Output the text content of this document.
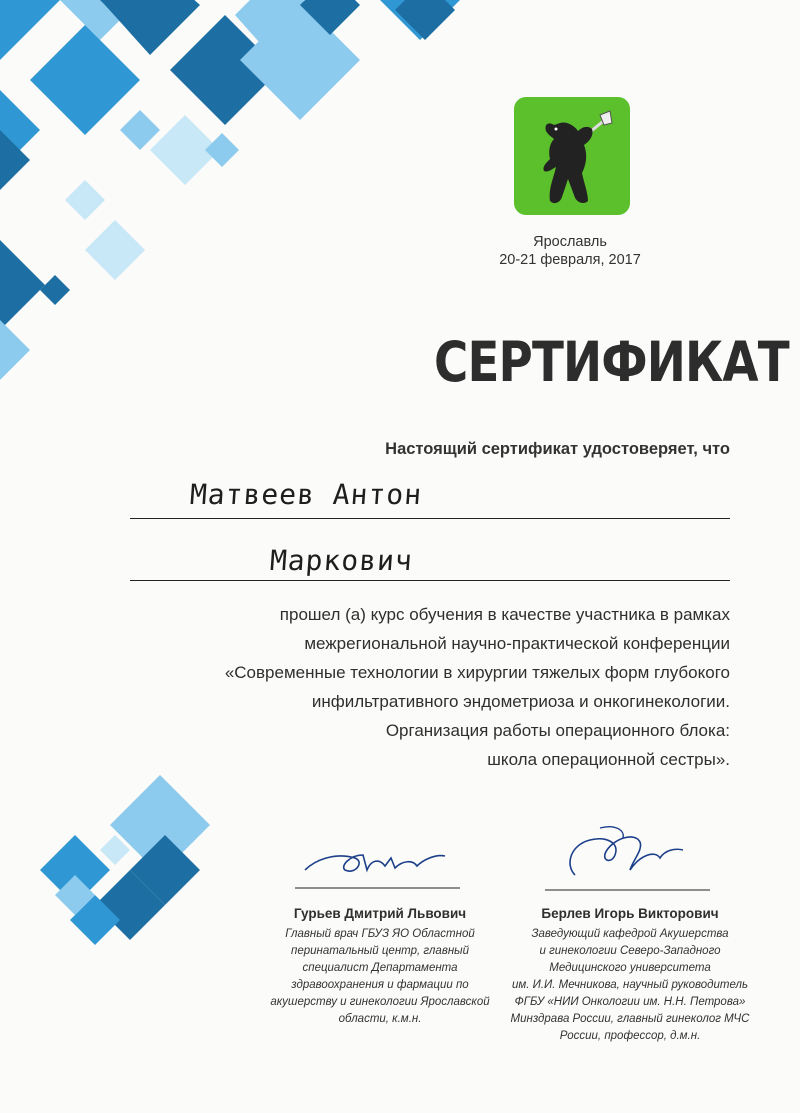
Ярославль
20-21 февраля, 2017
СЕРТИФИКАТ
Настоящий сертификат удостоверяет, что
Матвеев Антон
Маркович
прошел (а) курс обучения в качестве участника в рамках
межрегиональной научно-практической конференции
«Современные технологии в хирургии тяжелых форм глубокого
инфильтративного эндометриоза и онкогинекологии.
Организация работы операционного блока:
школа операционной сестры».
Гурьев Дмитрий Львович
Главный врач ГБУЗ ЯО Областной
перинатальный центр, главный
специалист Департамента
здравоохранения и фармации по
акушерству и гинекологии Ярославской
области, к.м.н.
Берлев Игорь Викторович
Заведующий кафедрой Акушерства
и гинекологии Северо-Западного
Медицинского университета
им. И.И. Мечникова, научный руководитель
ФГБУ «НИИ Онкологии им. Н.Н. Петрова»
Минздрава России, главный гинеколог МЧС
России, профессор, д.м.н.
